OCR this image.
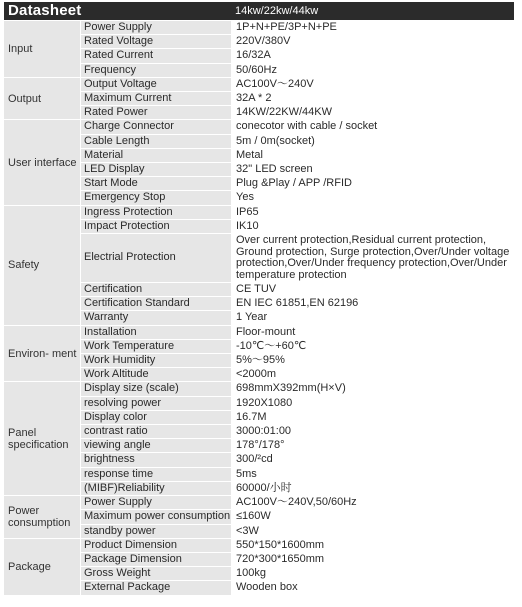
Datasheet	14kw/22kw/44kw
Input
Power Supply	1P+N+PE/3P+N+PE
Rated Voltage	220V/380V
Rated Current	16/32A
Frequency	50/60Hz
Output
Output Voltage	AC100V～240V
Maximum Current	32A * 2
Rated Power	14KW/22KW/44KW
User interface
Charge Connector	conecotor with cable / socket
Cable Length	5m / 0m(socket)
Material	Metal
LED Display	32" LED screen
Start Mode	Plug &Play / APP /RFID
Emergency Stop	Yes
Safety
Ingress Protection	IP65
Impact Protection	IK10
Electrial Protection
Over current protection,Residual current protection, Ground protection, Surge protection,Over/Under voltage protection,Over/Under frequency protection,Over/Under temperature protection
Certification	CE TUV
Certification Standard	EN IEC 61851,EN 62196
Warranty	1 Year
Environ- ment
Installation	Floor-mount
Work Temperature	-10℃～+60℃
Work Humidity	5%～95%
Work Altitude	<2000m
Panel specification
Display size (scale)	698mmX392mm(H×V)
resolving power	1920X1080
Display color	16.7M
contrast ratio	3000:01:00
viewing angle	178°/178°
brightness	300/²cd
response time	5ms
(MIBF)Reliability	60000/小时
Power consumption
Power Supply	AC100V～240V,50/60Hz
Maximum power consumption ≤160W
standby power	<3W
Package
Product Dimension	550*150*1600mm
Package Dimension	720*300*1650mm
Gross Weight	100kg
External Package	Wooden box
